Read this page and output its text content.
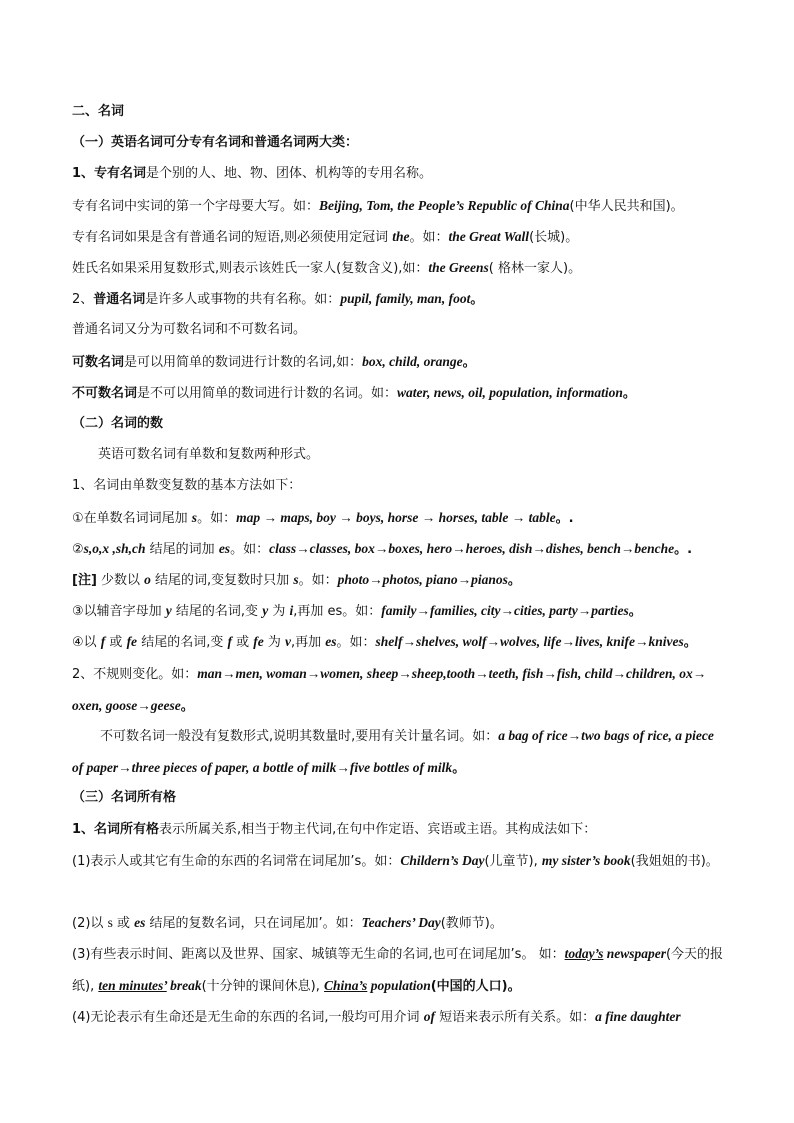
二、名词
（一）英语名词可分专有名词和普通名词两大类：
1、专有名词是个别的人、地、物、团体、机构等的专用名称。
专有名词中实词的第一个字母要大写。如：Beijing, Tom, the People’s Republic of China(中华人民共和国)。
专有名词如果是含有普通名词的短语,则必须使用定冠词 the。如：the Great Wall(长城)。
姓氏名如果采用复数形式,则表示该姓氏一家人(复数含义),如：the Greens( 格林一家人)。
2、普通名词是许多人或事物的共有名称。如：pupil, family, man, foot。
普通名词又分为可数名词和不可数名词。
可数名词是可以用简单的数词进行计数的名词,如：box, child, orange。
不可数名词是不可以用简单的数词进行计数的名词。如：water, news, oil, population, information。
（二）名词的数
英语可数名词有单数和复数两种形式。
1、名词由单数变复数的基本方法如下：
①在单数名词词尾加 s。如：map → maps, boy → boys, horse → horses, table → table。.
②s,o,x ,sh,ch 结尾的词加 es。如：class→classes, box→boxes, hero→heroes, dish→dishes, bench→benche。.
[注] 少数以 o 结尾的词,变复数时只加 s。如：photo→photos, piano→pianos。
③以辅音字母加 y 结尾的名词,变 y 为 i,再加 es。如：family→families, city→cities, party→parties。
④以 f 或 fe 结尾的名词,变 f 或 fe 为 v,再加 es。如：shelf→shelves, wolf→wolves, life→lives, knife→knives。
2、不规则变化。如：man→men, woman→women, sheep→sheep,tooth→teeth, fish→fish, child→children, ox→ oxen, goose→geese。
不可数名词一般没有复数形式,说明其数量时,要用有关计量名词。如：a bag of rice→two bags of rice, a piece of paper→three pieces of paper, a bottle of milk→five bottles of milk。
（三）名词所有格
1、名词所有格表示所属关系,相当于物主代词,在句中作定语、宾语或主语。其构成法如下：
(1)表示人或其它有生命的东西的名词常在词尾加’s。如：Childern’s Day(儿童节), my sister’s book(我姐姐的书)。
(2)以 s 或 es 结尾的复数名词，只在词尾加’。如：Teachers’ Day(教师节)。
(3)有些表示时间、距离以及世界、国家、城镇等无生命的名词,也可在词尾加’s。 如：today’s newspaper(今天的报纸), ten minutes’ break(十分钟的课间休息), China’s population(中国的人口)。
(4)无论表示有生命还是无生命的东西的名词,一般均可用介词 of 短语来表示所有关系。如：a fine daughter
